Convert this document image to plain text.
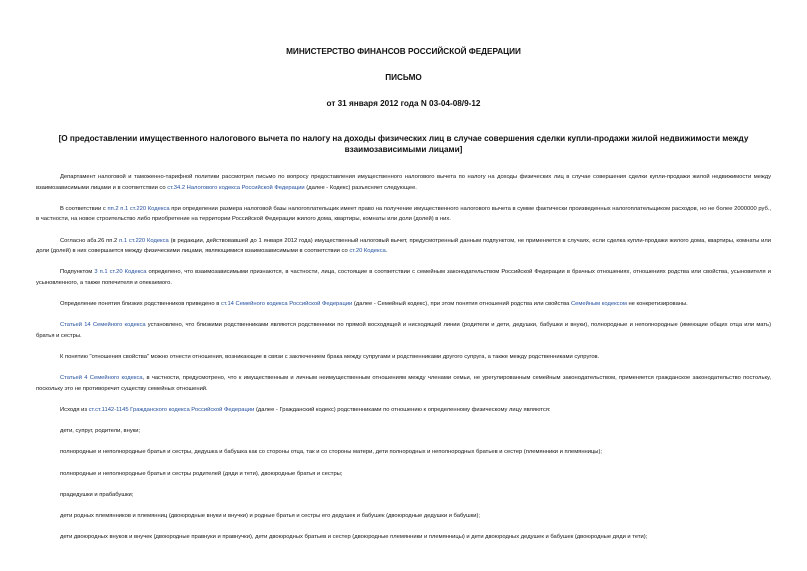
МИНИСТЕРСТВО ФИНАНСОВ РОССИЙСКОЙ ФЕДЕРАЦИИ
ПИСЬМО
от 31 января 2012 года N 03-04-08/9-12
[О предоставлении имущественного налогового вычета по налогу на доходы физических лиц в случае совершения сделки купли-продажи жилой недвижимости между взаимозависимыми лицами]
Департамент налоговой и таможенно-тарифной политики рассмотрел письмо по вопросу предоставления имущественного налогового вычета по налогу на доходы физических лиц в случае совершения сделки купли-продажи жилой недвижимости между взаимозависимыми лицами и в соответствии со ст.34.2 Налогового кодекса Российской Федерации (далее - Кодекс) разъясняет следующее.
В соответствии с пп.2 п.1 ст.220 Кодекса при определении размера налоговой базы налогоплательщик имеет право на получение имущественного налогового вычета в сумме фактически произведенных налогоплательщиком расходов, но не более 2000000 руб., в частности, на новое строительство либо приобретение на территории Российской Федерации жилого дома, квартиры, комнаты или доли (долей) в них.
Согласно абз.26 пп.2 п.1 ст.220 Кодекса (в редакции, действовавшей до 1 января 2012 года) имущественный налоговый вычет, предусмотренный данным подпунктом, не применяется в случаях, если сделка купли-продажи жилого дома, квартиры, комнаты или доли (долей) в них совершается между физическими лицами, являющимися взаимозависимыми в соответствии со ст.20 Кодекса.
Подпунктом 3 п.1 ст.20 Кодекса определено, что взаимозависимыми признаются, в частности, лица, состоящие в соответствии с семейным законодательством Российской Федерации в брачных отношениях, отношениях родства или свойства, усыновителя и усыновленного, а также попечителя и опекаемого.
Определение понятия близких родственников приведено в ст.14 Семейного кодекса Российской Федерации (далее - Семейный кодекс), при этом понятия отношений родства или свойства Семейным кодексом не конкретизированы.
Статьей 14 Семейного кодекса установлено, что близкими родственниками являются родственники по прямой восходящей и нисходящей линии (родители и дети, дедушки, бабушки и внуки), полнородные и неполнородные (имеющие общих отца или мать) братья и сестры.
К понятию "отношения свойства" можно отнести отношения, возникающие в связи с заключением брака между супругами и родственниками другого супруга, а также между родственниками супругов.
Статьей 4 Семейного кодекса, в частности, предусмотрено, что к имущественным и личным неимущественным отношениям между членами семьи, не урегулированным семейным законодательством, применяется гражданское законодательство постольку, поскольку это не противоречит существу семейных отношений.
Исходя из ст.ст.1142-1145 Гражданского кодекса Российской Федерации (далее - Гражданский кодекс) родственниками по отношению к определенному физическому лицу являются:
дети, супруг, родители, внуки;
полнородные и неполнородные братья и сестры, дедушка и бабушка как со стороны отца, так и со стороны матери, дети полнородных и неполнородных братьев и сестер (племянники и племянницы);
полнородные и неполнородные братья и сестры родителей (дяди и тети), двоюродные братья и сестры;
прадедушки и прабабушки;
дети родных племянников и племянниц (двоюродные внуки и внучки) и родные братья и сестры его дедушек и бабушек (двоюродные дедушки и бабушки);
дети двоюродных внуков и внучек (двоюродные правнуки и правнучки), дети двоюродных братьев и сестер (двоюродные племянники и племянницы) и дети двоюродных дедушек и бабушек (двоюродные дяди и тети);
